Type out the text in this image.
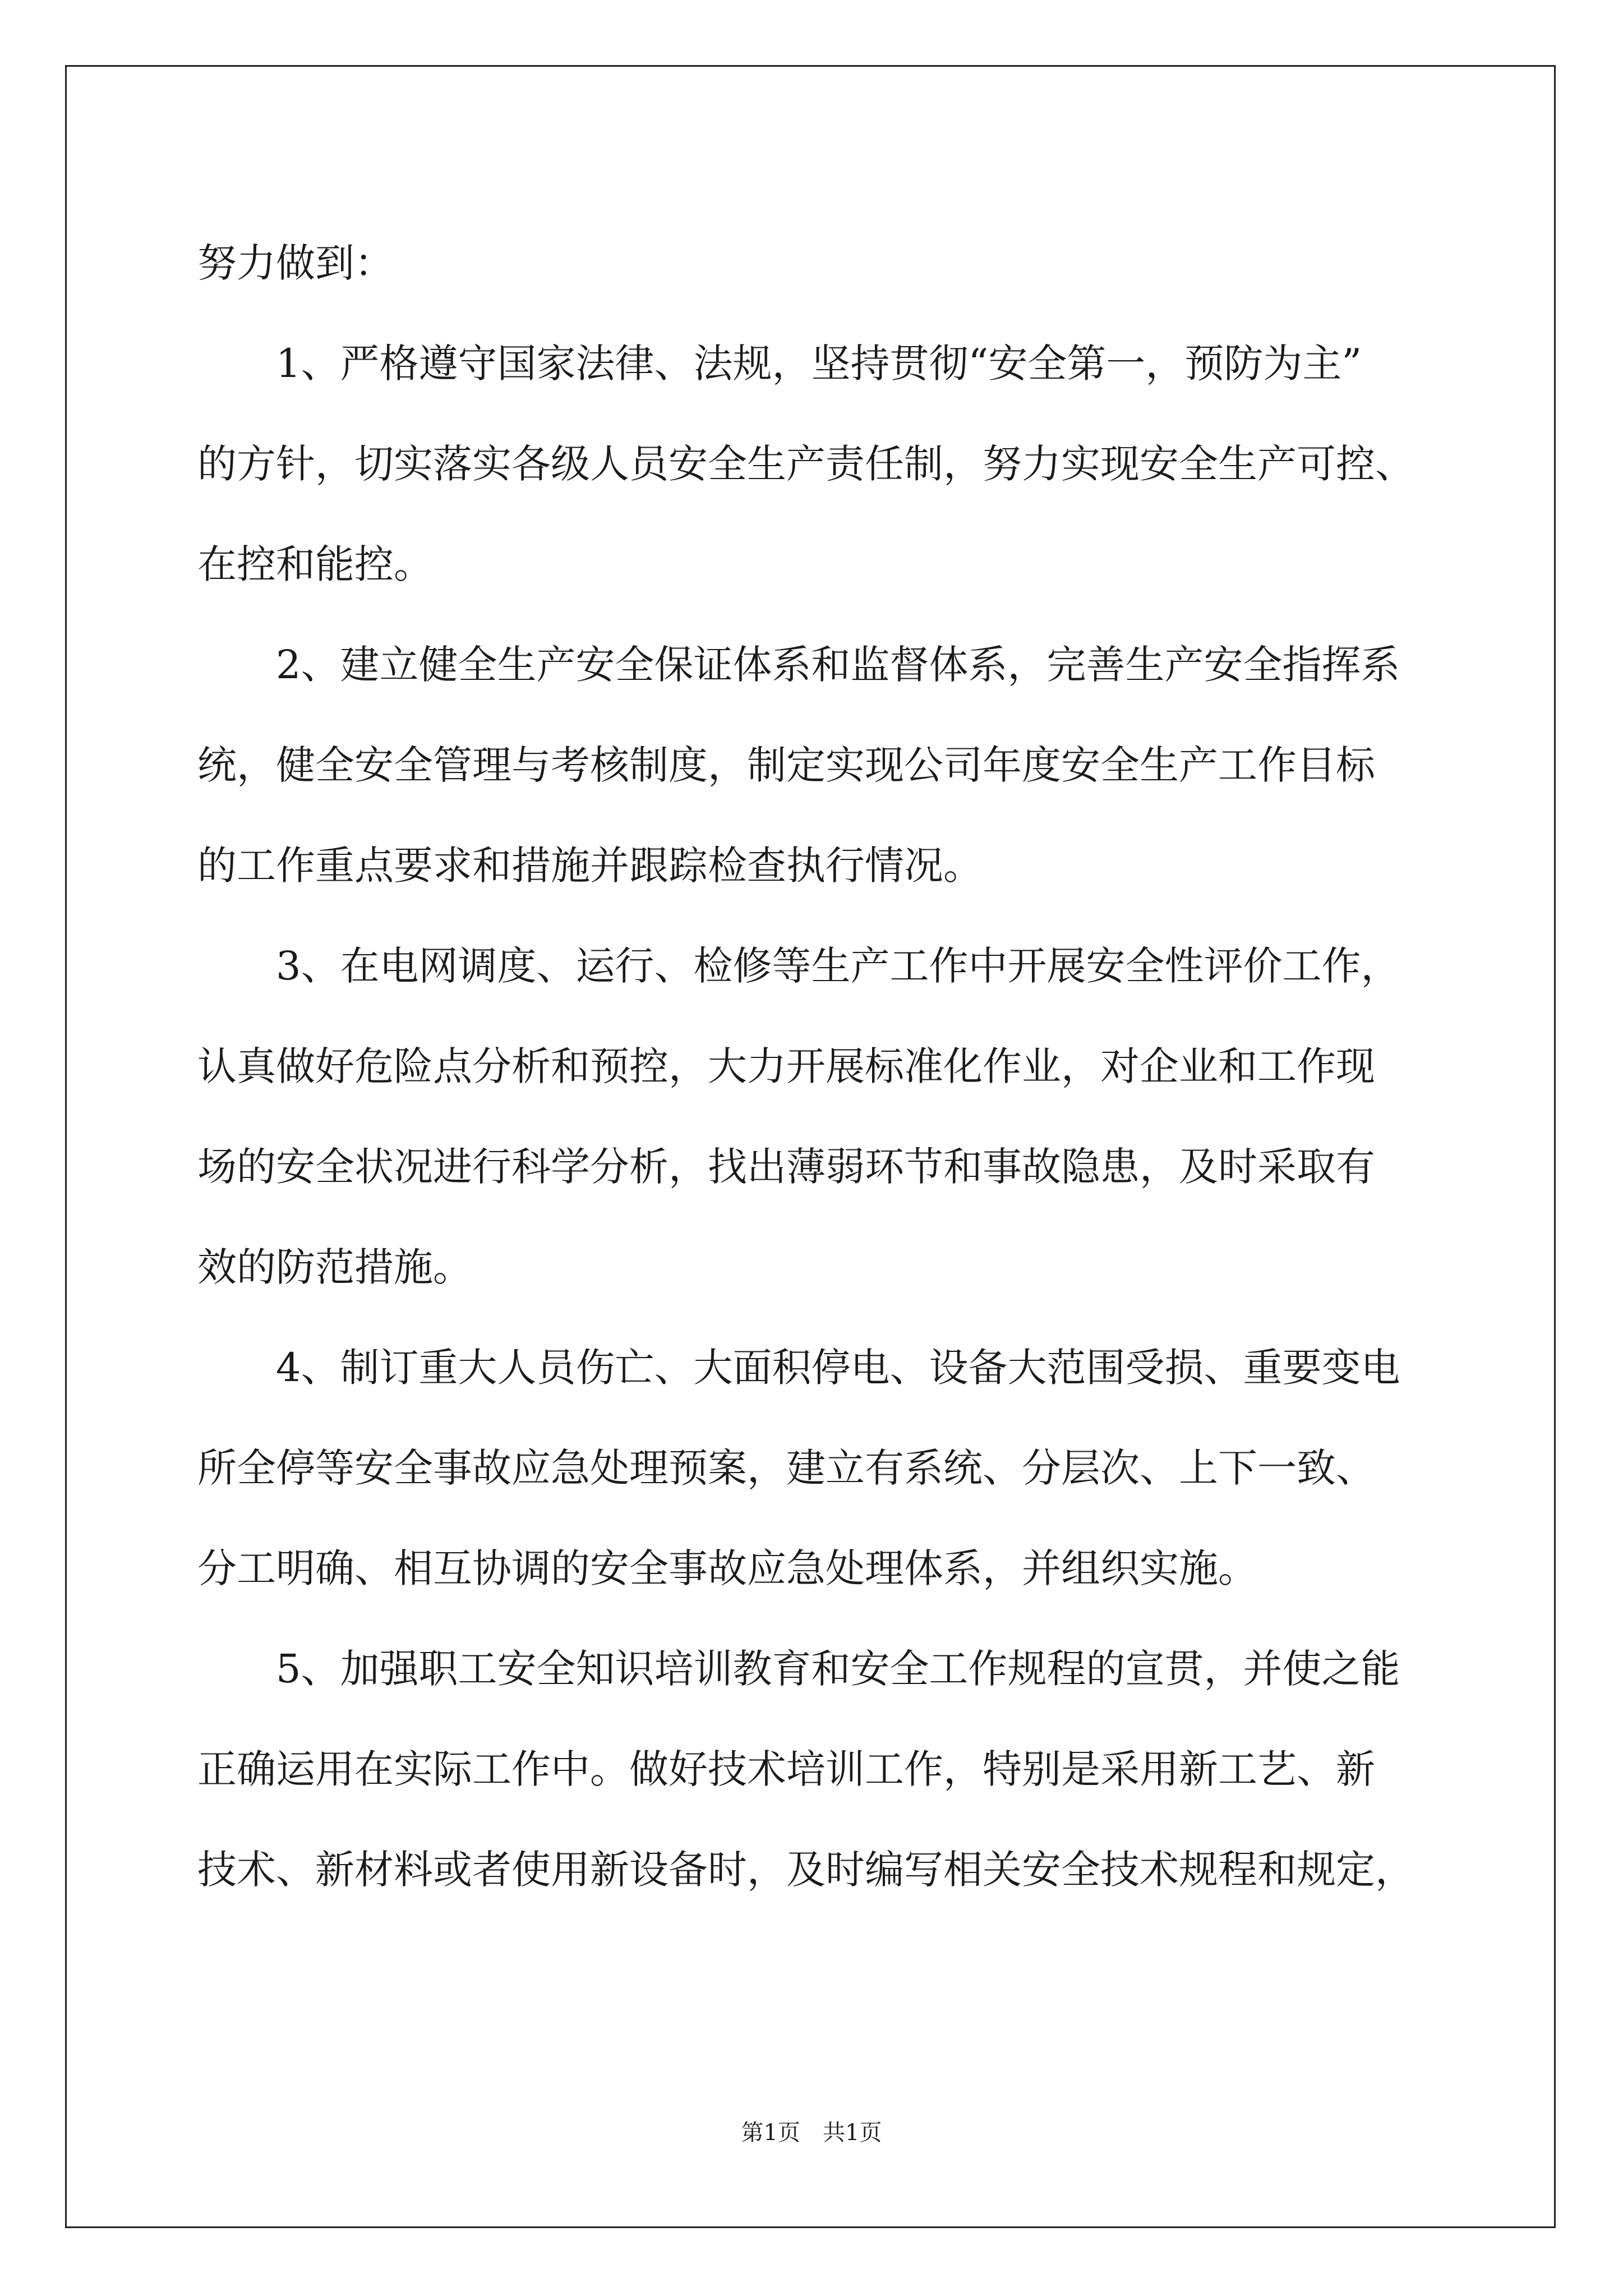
努力做到：

1、严格遵守国家法律、法规，坚持贯彻“安全第一，预防为主”

的方针，切实落实各级人员安全生产责任制，努力实现安全生产可控、

在控和能控。

2、建立健全生产安全保证体系和监督体系，完善生产安全指挥系

统，健全安全管理与考核制度，制定实现公司年度安全生产工作目标

的工作重点要求和措施并跟踪检查执行情况。

3、在电网调度、运行、检修等生产工作中开展安全性评价工作，

认真做好危险点分析和预控，大力开展标准化作业，对企业和工作现

场的安全状况进行科学分析，找出薄弱环节和事故隐患，及时采取有

效的防范措施。

4、制订重大人员伤亡、大面积停电、设备大范围受损、重要变电

所全停等安全事故应急处理预案，建立有系统、分层次、上下一致、

分工明确、相互协调的安全事故应急处理体系，并组织实施。

5、加强职工安全知识培训教育和安全工作规程的宣贯，并使之能

正确运用在实际工作中。做好技术培训工作，特别是采用新工艺、新

技术、新材料或者使用新设备时，及时编写相关安全技术规程和规定，

第1页　共1页
